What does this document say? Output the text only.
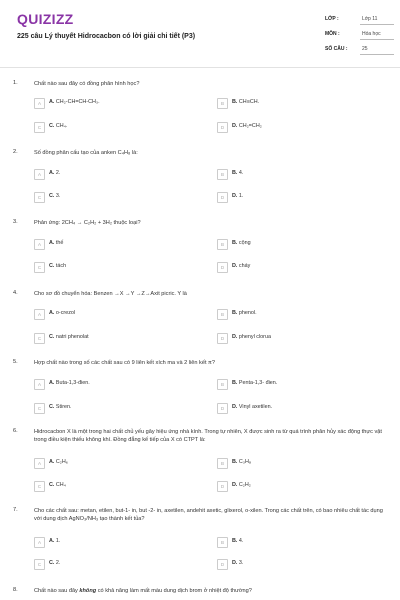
QUIZIZZ
225 câu Lý thuyết Hidrocacbon có lời giải chi tiết (P3)
LỚP :	Lớp 11
MÔN :	Hóa học
SỐ CÂU :	25
1.	Chất nào sau đây có đồng phân hình học?
A	A. CH₂-CH=CH-CH₃.	B	B. CH≡CH.
C	C. CH₄.	D	D. CH₂=CH₂
2.	Số đồng phân cấu tạo của anken C₄H₈ là:
A	A. 2.	B	B. 4.
C	C. 3.	D	D. 1.
3.	Phản ứng: 2CH₄ → C₂H₂ + 3H₂ thuộc loại?
A	A. thế	B	B. cộng
C	C. tách	D	D. cháy
4.	Cho sơ đồ chuyển hóa: Benzen →X →Y →Z→Axit picric. Y là
A	A. o-crezol	B	B. phenol.
C	C. natri phenolat	D	D. phenyl clorua
5.	Hợp chất nào trong số các chất sau có 9 liên kết xích ma và 2 liên kết π?
A	A. Buta-1,3-đien.	B	B. Penta-1,3- đien.
C	C. Stiren.	D	D. Vinyl axetilen.
6.	Hidrocacbon X là một trong hai chất chủ yếu gây hiệu ứng nhà kính. Trong tự nhiên, X được sinh ra từ quá trình phân hủy xác động thực vật trong điều kiện thiếu không khí. Đồng đẳng kế tiếp của X có CTPT là:
A	A. C₂H₆	B	B. C₃H₈
C	C. CH₄	D	D. C₂H₂
7.	Cho các chất sau: metan, etilen, but-1- in, but -2- in, axetilen, andehit axetic, glixerol, o-xilen. Trong các chất trên, có bao nhiêu chất tác dụng với dung dịch AgNO₃/NH₃ tạo thành kết tủa?
A	A. 1.	B	B. 4.
C	C. 2.	D	D. 3.
8.	Chất nào sau đây không có khả năng làm mất màu dung dịch brom ở nhiệt độ thường?
